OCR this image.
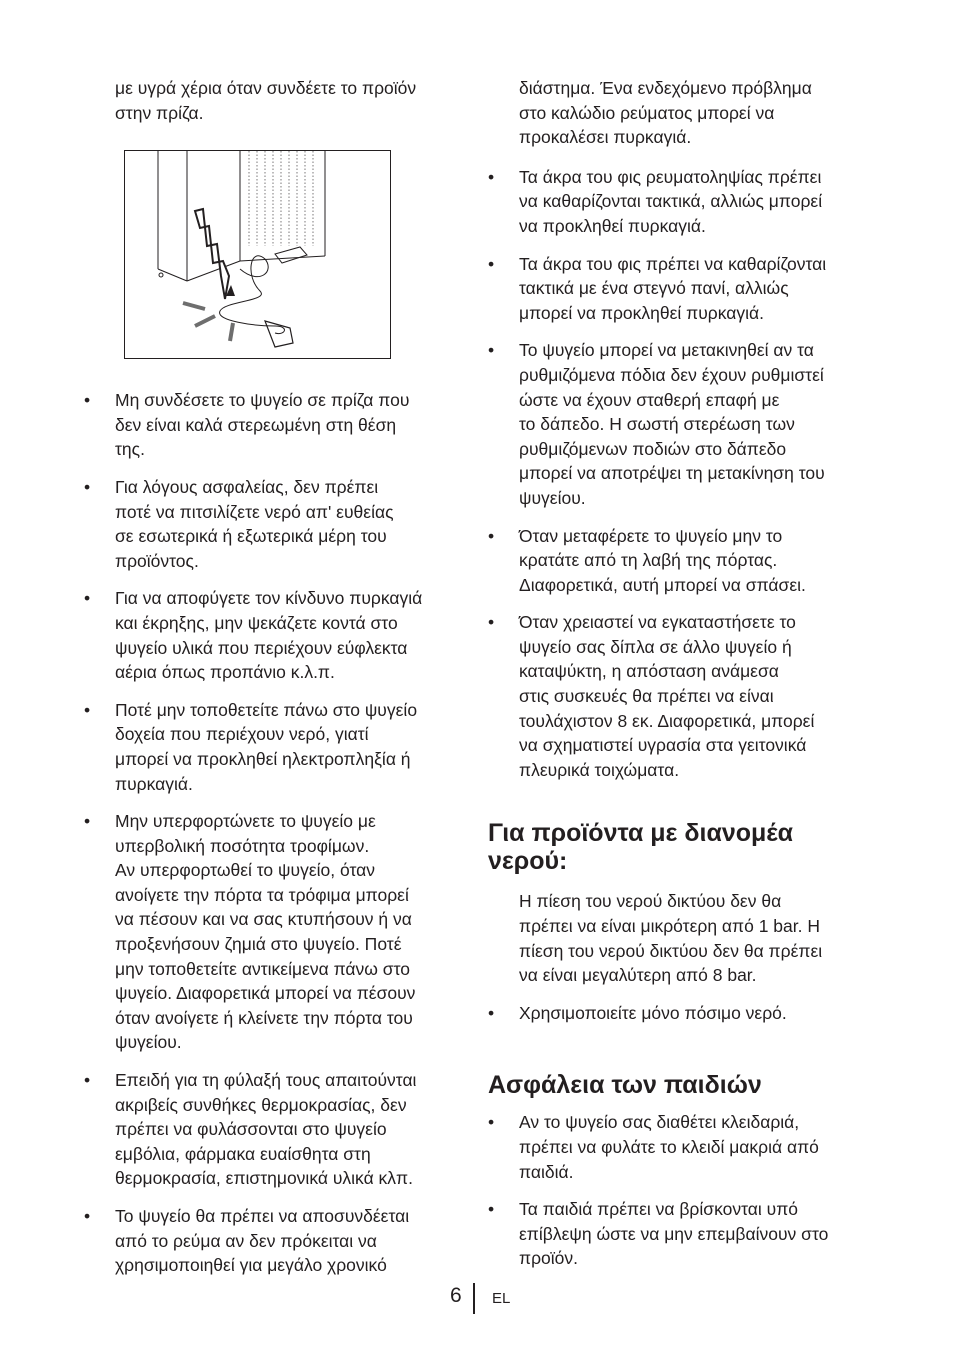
με υγρά χέρια όταν συνδέετε το προϊόν
στην πρίζα.

• Μη συνδέσετε το ψυγείο σε πρίζα που
δεν είναι καλά στερεωμένη στη θέση
της.
• Για λόγους ασφαλείας, δεν πρέπει
ποτέ να πιτσιλίζετε νερό απ' ευθείας
σε εσωτερικά ή εξωτερικά μέρη του
προϊόντος.
• Για να αποφύγετε τον κίνδυνο πυρκαγιά
και έκρηξης, μην ψεκάζετε κοντά στο
ψυγείο υλικά που περιέχουν εύφλεκτα
αέρια όπως προπάνιο κ.λ.π.
• Ποτέ μην τοποθετείτε πάνω στο ψυγείο
δοχεία που περιέχουν νερό, γιατί
μπορεί να προκληθεί ηλεκτροπληξία ή
πυρκαγιά.
• Μην υπερφορτώνετε το ψυγείο με
υπερβολική ποσότητα τροφίμων.
Αν υπερφορτωθεί το ψυγείο, όταν
ανοίγετε την πόρτα τα τρόφιμα μπορεί
να πέσουν και να σας κτυπήσουν ή να
προξενήσουν ζημιά στο ψυγείο. Ποτέ
μην τοποθετείτε αντικείμενα πάνω στο
ψυγείο. Διαφορετικά μπορεί να πέσουν
όταν ανοίγετε ή κλείνετε την πόρτα του
ψυγείου.
• Επειδή για τη φύλαξή τους απαιτούνται
ακριβείς συνθήκες θερμοκρασίας, δεν
πρέπει να φυλάσσονται στο ψυγείο
εμβόλια, φάρμακα ευαίσθητα στη
θερμοκρασία, επιστημονικά υλικά κλπ.
• Το ψυγείο θα πρέπει να αποσυνδέεται
από το ρεύμα αν δεν πρόκειται να
χρησιμοποιηθεί για μεγάλο χρονικό

διάστημα. Ένα ενδεχόμενο πρόβλημα
στο καλώδιο ρεύματος μπορεί να
προκαλέσει πυρκαγιά.

• Τα άκρα του φις ρευματοληψίας πρέπει
να καθαρίζονται τακτικά, αλλιώς μπορεί
να προκληθεί πυρκαγιά.
• Τα άκρα του φις πρέπει να καθαρίζονται
τακτικά με ένα στεγνό πανί, αλλιώς
μπορεί να προκληθεί πυρκαγιά.
• Το ψυγείο μπορεί να μετακινηθεί αν τα
ρυθμιζόμενα πόδια δεν έχουν ρυθμιστεί
ώστε να έχουν σταθερή επαφή με
το δάπεδο. Η σωστή στερέωση των
ρυθμιζόμενων ποδιών στο δάπεδο
μπορεί να αποτρέψει τη μετακίνηση του
ψυγείου.
• Όταν μεταφέρετε το ψυγείο μην το
κρατάτε από τη λαβή της πόρτας.
Διαφορετικά, αυτή μπορεί να σπάσει.
• Όταν χρειαστεί να εγκαταστήσετε το
ψυγείο σας δίπλα σε άλλο ψυγείο ή
καταψύκτη, η απόσταση ανάμεσα
στις συσκευές θα πρέπει να είναι
τουλάχιστον 8 εκ. Διαφορετικά, μπορεί
να σχηματιστεί υγρασία στα γειτονικά
πλευρικά τοιχώματα.
Για προϊόντα με διανομέα
νερού:

Η πίεση του νερού δικτύου δεν θα
πρέπει να είναι μικρότερη από 1 bar. Η
πίεση του νερού δικτύου δεν θα πρέπει
να είναι μεγαλύτερη από 8 bar.

• Χρησιμοποιείτε μόνο πόσιμο νερό.
Ασφάλεια των παιδιών
• Αν το ψυγείο σας διαθέτει κλειδαριά,
πρέπει να φυλάτε το κλειδί μακριά από
παιδιά.
• Τα παιδιά πρέπει να βρίσκονται υπό
επίβλεψη ώστε να μην επεμβαίνουν στο
προϊόν.
6 EL
